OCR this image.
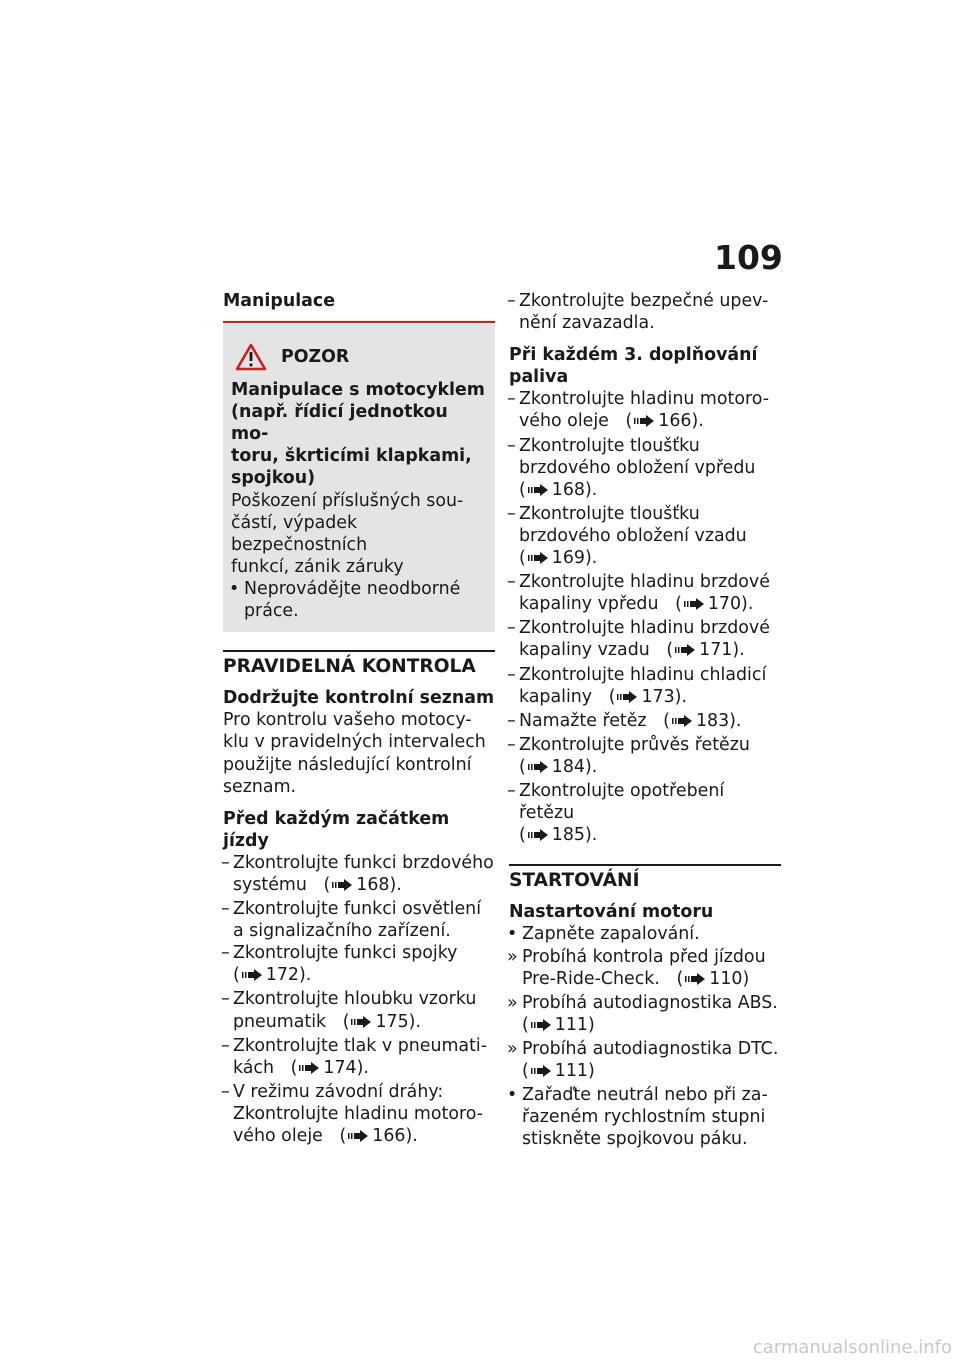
109

Manipulace

POZOR

Manipulace s motocyklem

(např. řídicí jednotkou mo-

toru, škrticími klapkami,

spojkou)

Poškození příslušných sou-

částí, výpadek bezpečnostních

funkcí, zánik záruky

• Neprovádějte neodborné

práce.

PRAVIDELNÁ KONTROLA

Dodržujte kontrolní seznam

Pro kontrolu vašeho motocy-

klu v pravidelných intervalech

použijte následující kontrolní

seznam.

Před každým začátkem jízdy

– Zkontrolujte funkci brzdového

systému   ( 168).

– Zkontrolujte funkci osvětlení

a signalizačního zařízení.

– Zkontrolujte funkci spojky

( 172).

– Zkontrolujte hloubku vzorku

pneumatik   ( 175).

– Zkontrolujte tlak v pneumati-

kách   ( 174).

– V režimu závodní dráhy:

Zkontrolujte hladinu motoro-

vého oleje   ( 166).

– Zkontrolujte bezpečné upev-

nění zavazadla.

Při každém 3. doplňování

paliva

– Zkontrolujte hladinu motoro-

vého oleje   ( 166).

– Zkontrolujte tloušťku

brzdového obložení vpředu

( 168).

– Zkontrolujte tloušťku

brzdového obložení vzadu

( 169).

– Zkontrolujte hladinu brzdové

kapaliny vpředu   ( 170).

– Zkontrolujte hladinu brzdové

kapaliny vzadu   ( 171).

– Zkontrolujte hladinu chladicí

kapaliny   ( 173).

– Namažte řetěz   ( 183).

– Zkontrolujte průvěs řetězu

( 184).

– Zkontrolujte opotřebení řetězu

( 185).

STARTOVÁNÍ

Nastartování motoru

• Zapněte zapalování.

» Probíhá kontrola před jízdou

Pre-Ride-Check.   ( 110)

» Probíhá autodiagnostika ABS.

( 111)

» Probíhá autodiagnostika DTC.

( 111)

• Zařaďte neutrál nebo při za-

řazeném rychlostním stupni

stiskněte spojkovou páku.

carmanualsonline.info
